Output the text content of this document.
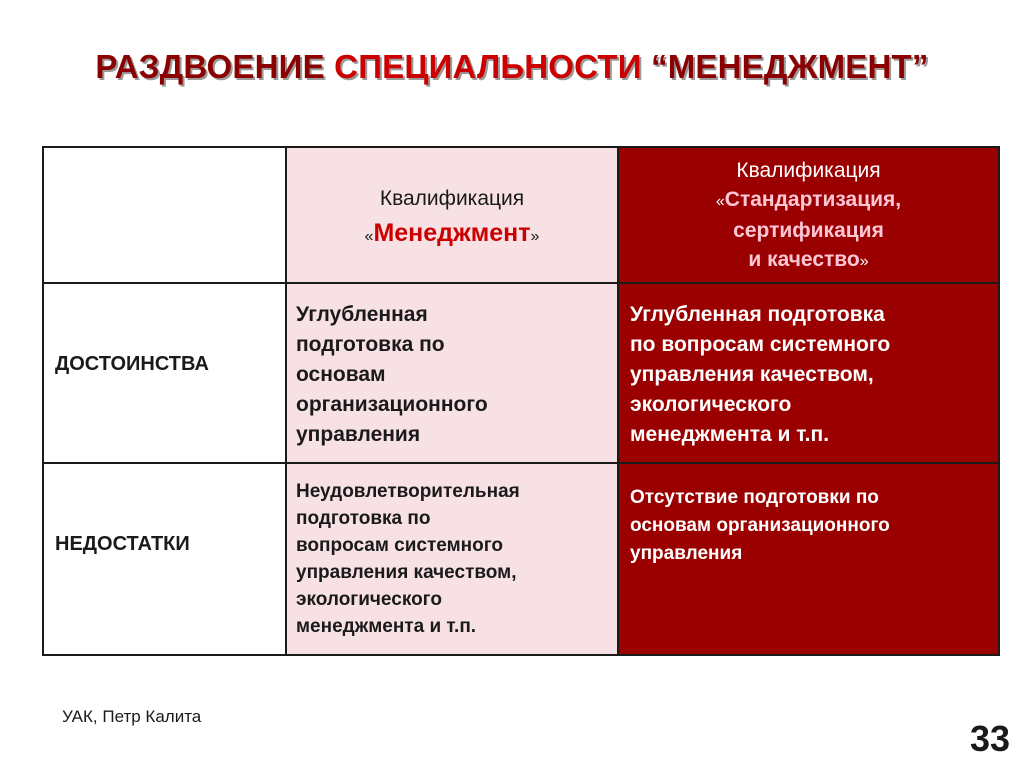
РАЗДВОЕНИЕ СПЕЦИАЛЬНОСТИ “МЕНЕДЖМЕНТ”
Квалификация
«Менеджмент»
Квалификация
«Стандартизация,
сертификация
и качество»
ДОСТОИНСТВА
Углубленная
подготовка по
основам
организационного
управления
Углубленная подготовка
по вопросам системного
управления качеством,
экологического
менеджмента и т.п.
НЕДОСТАТКИ
Неудовлетворительная
подготовка по
вопросам системного
управления качеством,
экологического
менеджмента и т.п.
Отсутствие подготовки по
основам организационного
управления
УАК, Петр Калита
33
